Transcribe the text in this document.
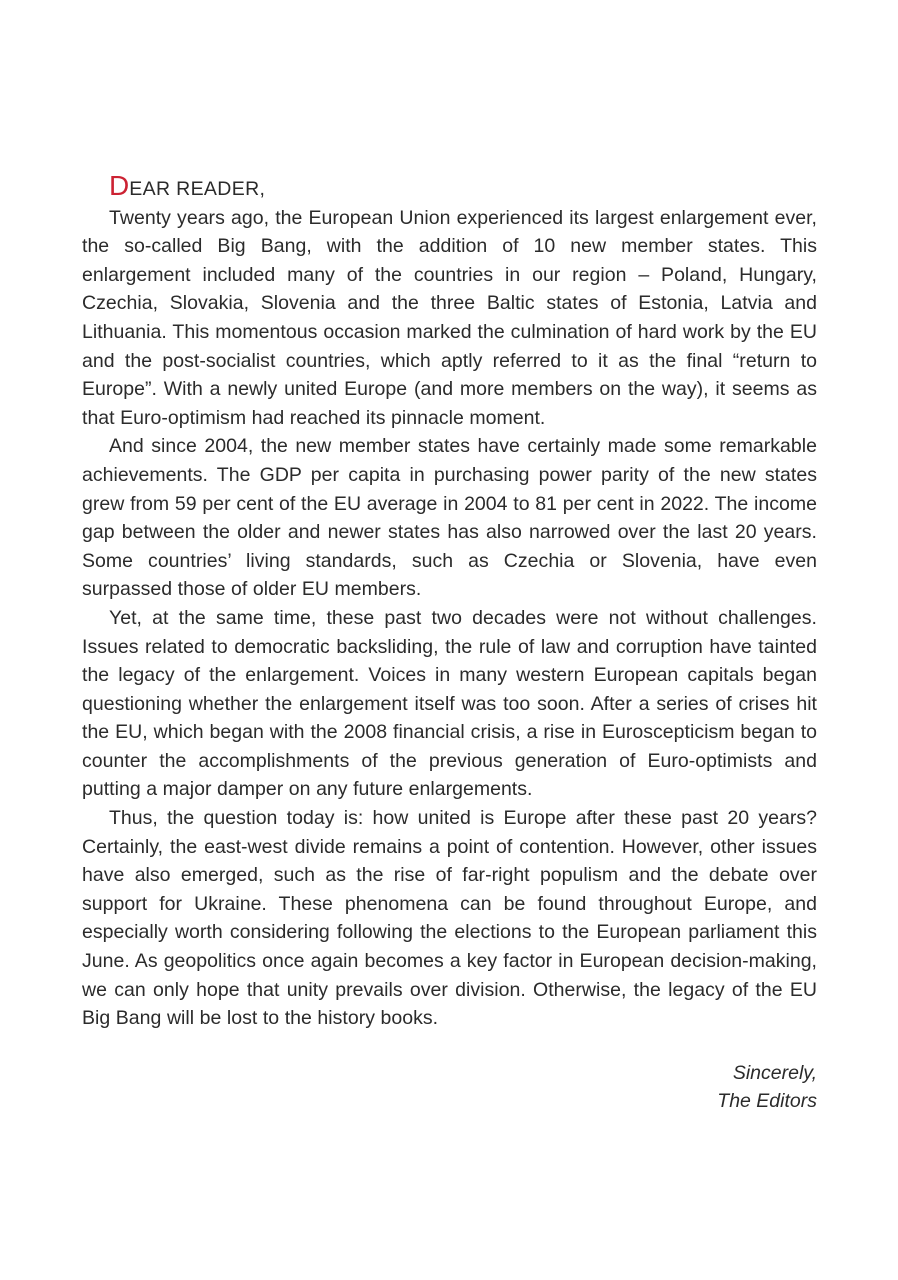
DEAR READER,

Twenty years ago, the European Union experienced its largest enlargement ever, the so-called Big Bang, with the addition of 10 new member states. This enlargement included many of the countries in our region – Poland, Hungary, Czechia, Slovakia, Slovenia and the three Baltic states of Estonia, Latvia and Lithuania. This momentous occasion marked the culmination of hard work by the EU and the post-socialist countries, which aptly referred to it as the final “return to Europe”. With a newly united Europe (and more members on the way), it seems as that Euro-optimism had reached its pinnacle moment.

And since 2004, the new member states have certainly made some remarkable achievements. The GDP per capita in purchasing power parity of the new states grew from 59 per cent of the EU average in 2004 to 81 per cent in 2022. The income gap between the older and newer states has also narrowed over the last 20 years. Some countries’ living standards, such as Czechia or Slovenia, have even surpassed those of older EU members.

Yet, at the same time, these past two decades were not without challenges. Issues related to democratic backsliding, the rule of law and corruption have tainted the legacy of the enlargement. Voices in many western European capitals began questioning whether the enlargement itself was too soon. After a series of crises hit the EU, which began with the 2008 financial crisis, a rise in Euroscepticism began to counter the accomplishments of the previous generation of Euro-optimists and putting a major damper on any future enlargements.

Thus, the question today is: how united is Europe after these past 20 years? Certainly, the east-west divide remains a point of contention. However, other issues have also emerged, such as the rise of far-right populism and the debate over support for Ukraine. These phenomena can be found throughout Europe, and especially worth considering following the elections to the European parliament this June. As geopolitics once again becomes a key factor in European decision-making, we can only hope that unity prevails over division. Otherwise, the legacy of the EU Big Bang will be lost to the history books.

Sincerely,
The Editors
